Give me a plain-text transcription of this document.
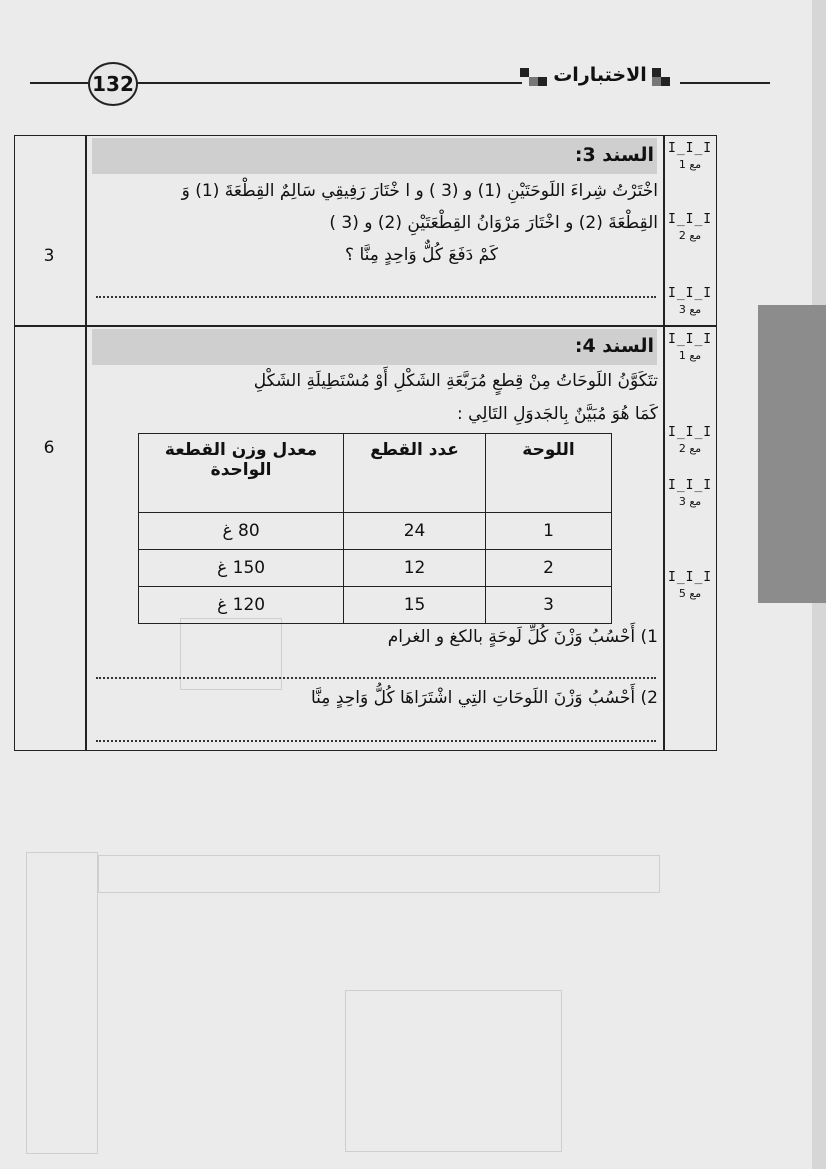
132	الاختبارات
السند 3:
اخْتَرْتُ شِراءَ اللَوحَتَيْنِ (1) و (3 ) و ا خْتَارَ رَفِيقِي سَالِمٌ القِطْعَةَ (1) وَ
القِطْعَةَ (2) و اخْتَارَ مَرْوَانُ القِطْعَتَيْنِ (2) و (3 )
كَمْ دَفَعَ كُلٌّ وَاحِدٍ مِنَّا ؟
3
I_I_I
مع 1
I_I_I
مع 2
I_I_I
مع 3
السند 4:
تتَكَوَّنُ اللَوحَاتُ مِنْ قِطعٍ مُرَبَّعَةِ الشَكْلِ أَوْ مُسْتَطِيلَةِ الشَكْلِ
كَمَا هُوَ مُبَيَّنٌ بِالجَدوَلِ التَالِي :
6	اللوحة	عدد القطع	معدل وزن القطعة الواحدة
1	24	80 غ
2	12	150 غ
3	15	120 غ
1) أَحْسُبُ وَزْنَ كُلِّ لَوحَةٍ بالكغ و الغرام
2) أَحْسُبُ وَزْنَ اللَوحَاتِ التِي اشْتَرَاهَا كُلُّ وَاحِدٍ مِنَّا
I_I_I
مع 1
I_I_I
مع 2
I_I_I
مع 3
I_I_I
مع 5
